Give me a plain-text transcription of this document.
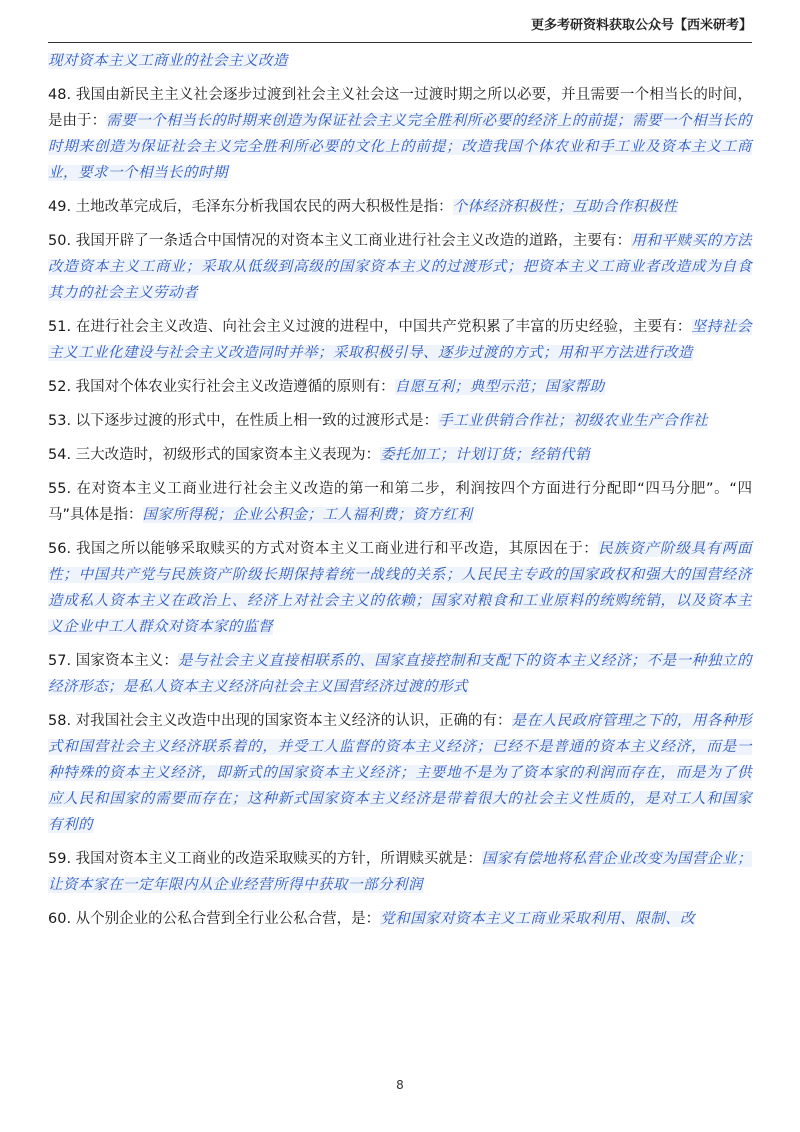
更多考研资料获取公众号【西米研考】

现对资本主义工商业的社会主义改造

48. 我国由新民主主义社会逐步过渡到社会主义社会这一过渡时期之所以必要，并且需要一个相当长的时间，是由于：需要一个相当长的时期来创造为保证社会主义完全胜利所必要的经济上的前提；需要一个相当长的时期来创造为保证社会主义完全胜利所必要的文化上的前提；改造我国个体农业和手工业及资本主义工商业，要求一个相当长的时期

49. 土地改革完成后，毛泽东分析我国农民的两大积极性是指：个体经济积极性；互助合作积极性

50. 我国开辟了一条适合中国情况的对资本主义工商业进行社会主义改造的道路，主要有：用和平赎买的方法改造资本主义工商业；采取从低级到高级的国家资本主义的过渡形式；把资本主义工商业者改造成为自食其力的社会主义劳动者

51. 在进行社会主义改造、向社会主义过渡的进程中，中国共产党积累了丰富的历史经验，主要有：坚持社会主义工业化建设与社会主义改造同时并举；采取积极引导、逐步过渡的方式；用和平方法进行改造

52. 我国对个体农业实行社会主义改造遵循的原则有：自愿互利；典型示范；国家帮助

53. 以下逐步过渡的形式中，在性质上相一致的过渡形式是：手工业供销合作社；初级农业生产合作社

54. 三大改造时，初级形式的国家资本主义表现为：委托加工；计划订货；经销代销

55. 在对资本主义工商业进行社会主义改造的第一和第二步，利润按四个方面进行分配即“四马分肥”。“四马”具体是指：国家所得税；企业公积金；工人福利费；资方红利

56. 我国之所以能够采取赎买的方式对资本主义工商业进行和平改造，其原因在于：民族资产阶级具有两面性；中国共产党与民族资产阶级长期保持着统一战线的关系；人民民主专政的国家政权和强大的国营经济造成私人资本主义在政治上、经济上对社会主义的依赖；国家对粮食和工业原料的统购统销，以及资本主义企业中工人群众对资本家的监督

57. 国家资本主义：是与社会主义直接相联系的、国家直接控制和支配下的资本主义经济；不是一种独立的经济形态；是私人资本主义经济向社会主义国营经济过渡的形式

58. 对我国社会主义改造中出现的国家资本主义经济的认识，正确的有：是在人民政府管理之下的，用各种形式和国营社会主义经济联系着的，并受工人监督的资本主义经济；已经不是普通的资本主义经济，而是一种特殊的资本主义经济，即新式的国家资本主义经济；主要地不是为了资本家的利润而存在，而是为了供应人民和国家的需要而存在；这种新式国家资本主义经济是带着很大的社会主义性质的，是对工人和国家有利的

59. 我国对资本主义工商业的改造采取赎买的方针，所谓赎买就是：国家有偿地将私营企业改变为国营企业；让资本家在一定年限内从企业经营所得中获取一部分利润

60. 从个别企业的公私合营到全行业公私合营，是：党和国家对资本主义工商业采取利用、限制、改

8
